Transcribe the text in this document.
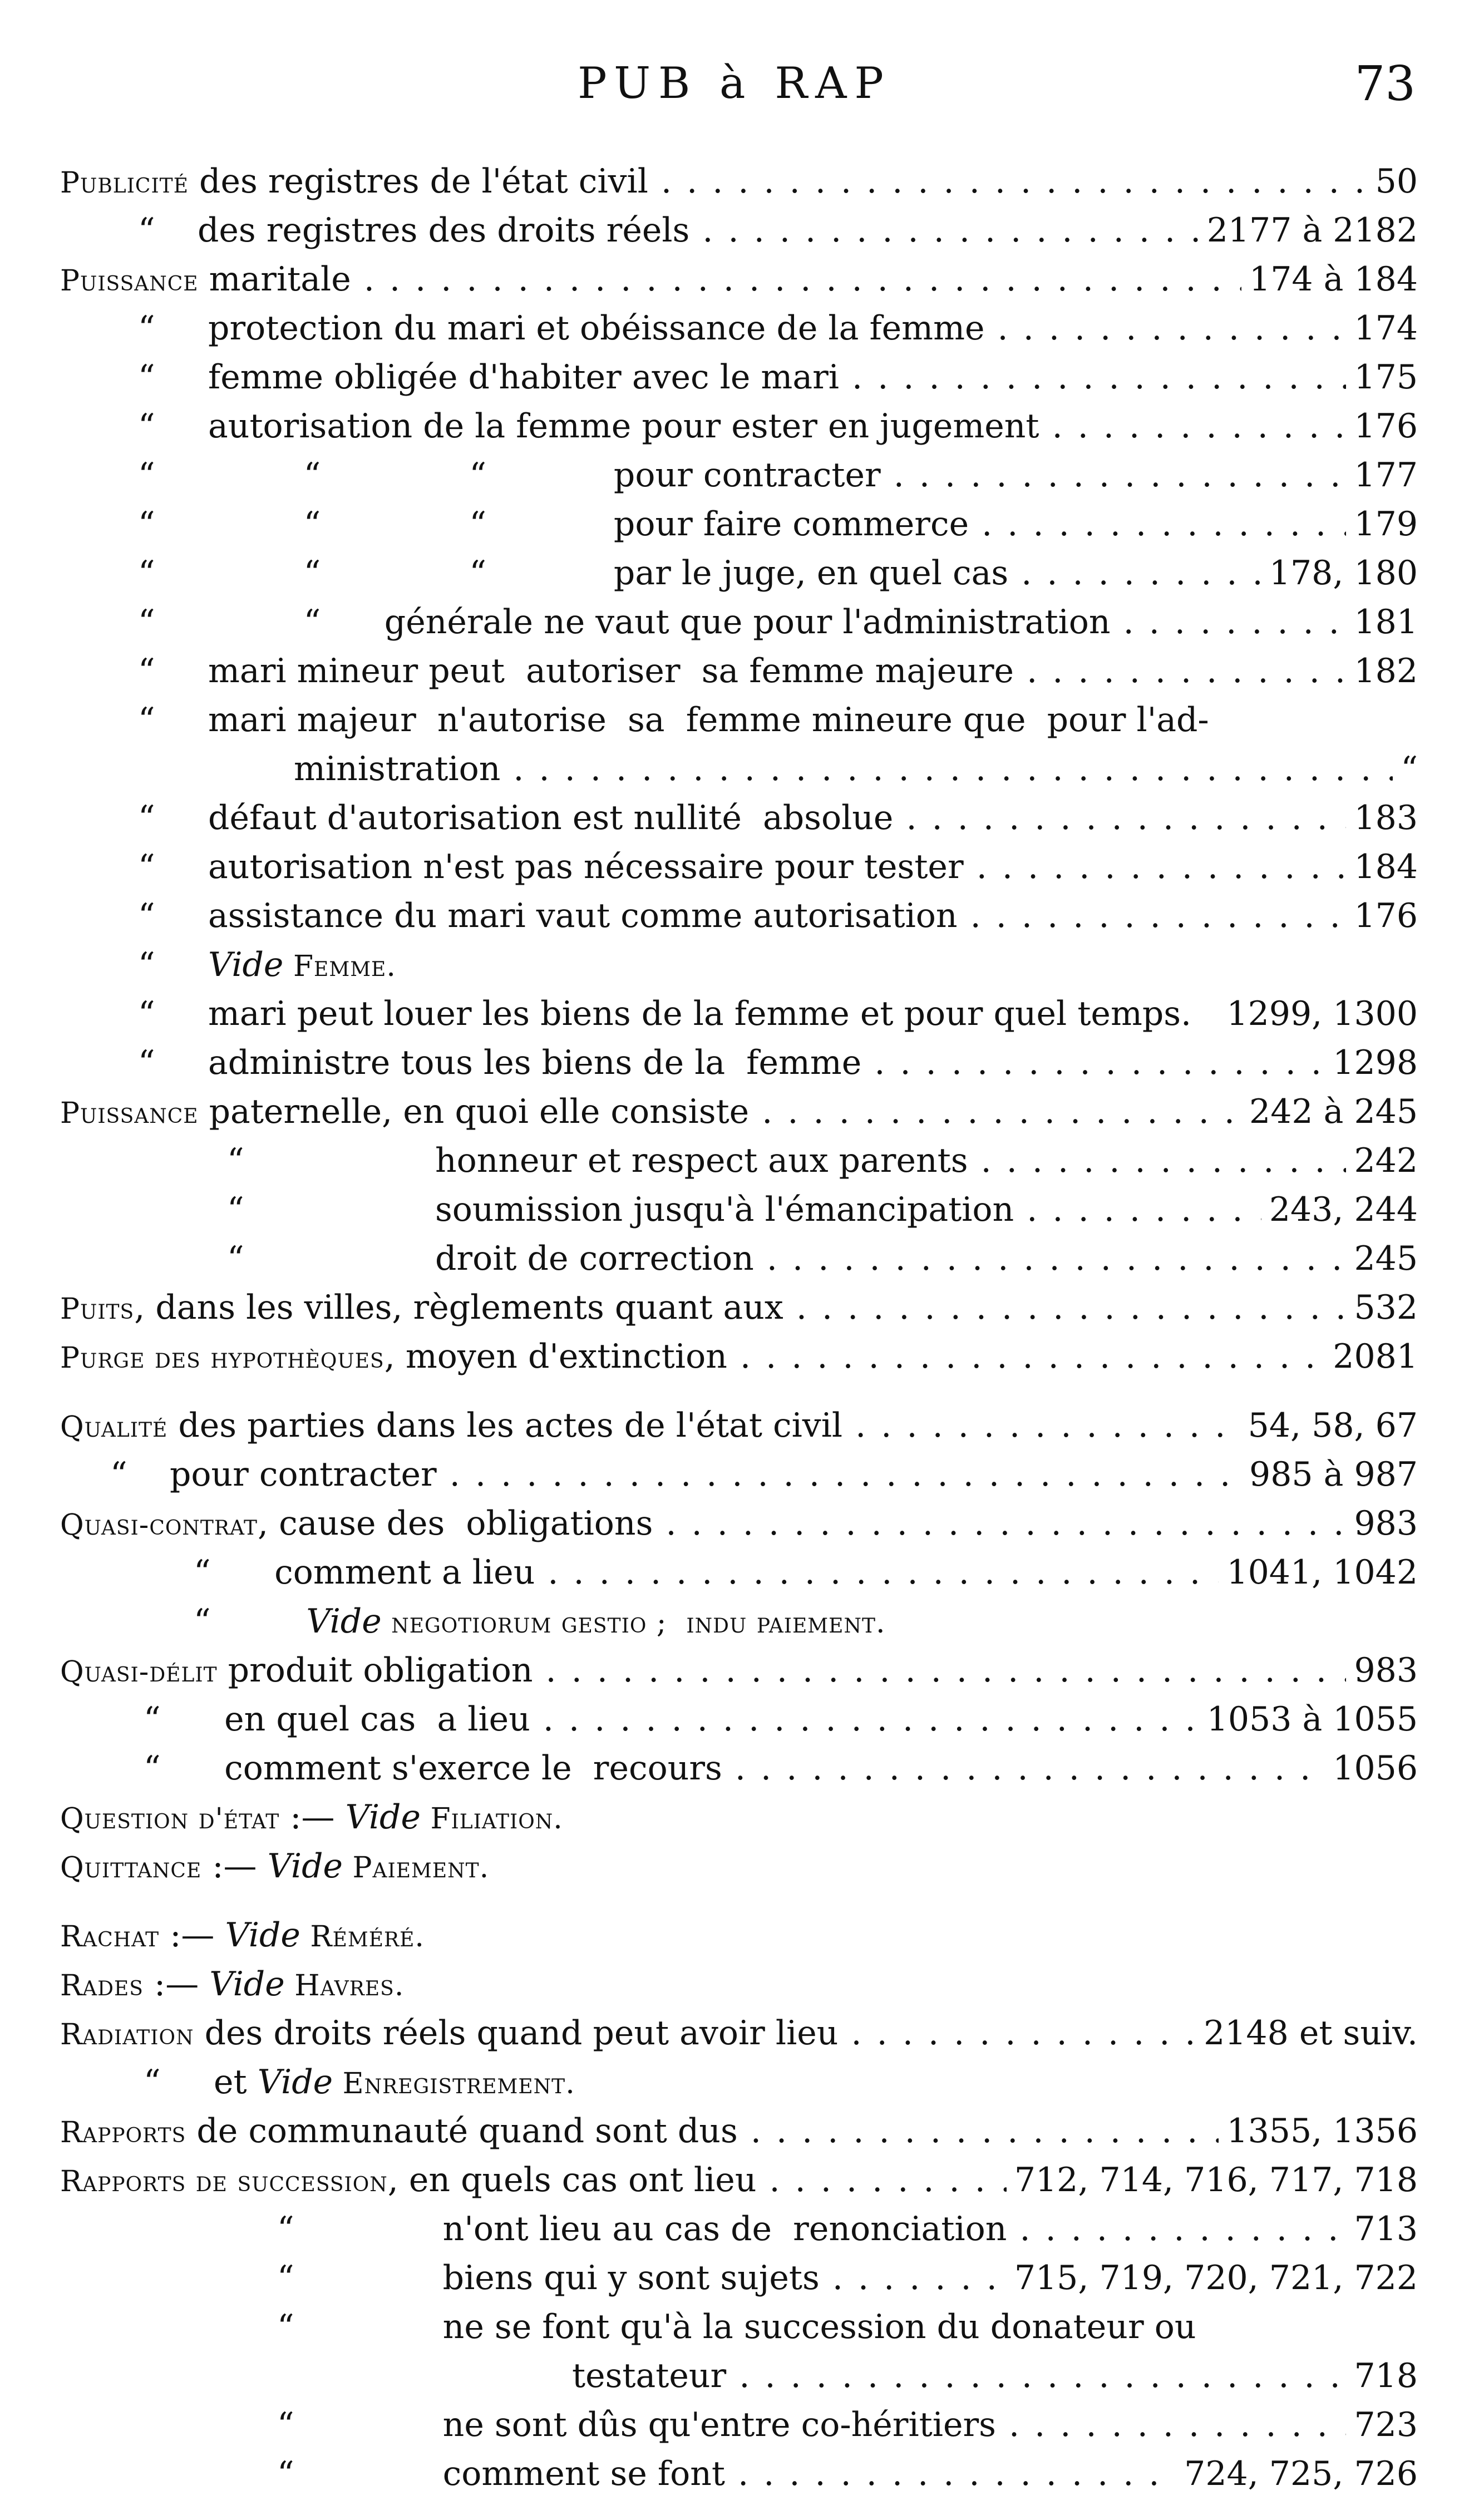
PUB à RAP	73
Publicité des registres de l'état civil . . .	50
“    des registres des droits réels . . .	2177 à 2182
Puissance maritale . . .	174 à 184
“     protection du mari et obéissance de la femme . . .	174
“     femme obligée d'habiter avec le mari . . .	175
“     autorisation de la femme pour ester en jugement . . .	176
“              “              “            pour contracter . . .	177
“              “              “            pour faire commerce . . .	179
“              “              “            par le juge, en quel cas . . .	178, 180
“              “      générale ne vaut que pour l'administration . . .	181
“     mari mineur peut  autoriser  sa femme majeure . . .	182
“     mari majeur  n'autorise  sa  femme mineure que  pour l'ad-
ministration . . .	“
“     défaut d'autorisation est nullité  absolue . . .	183
“     autorisation n'est pas nécessaire pour tester . . .	184
“     assistance du mari vaut comme autorisation . . .	176
“     Vide Femme.
“     mari peut louer les biens de la femme et pour quel temps. 1299, 1300
“     administre tous les biens de la  femme . . .	1298
Puissance paternelle, en quoi elle consiste . . .	242 à 245
“                  honneur et respect aux parents . . .	242
“                  soumission jusqu'à l'émancipation . . .	243, 244
“                  droit de correction . . .	245
Puits, dans les villes, règlements quant aux . . .	532
Purge des hypothèques, moyen d'extinction . . .	2081
Qualité des parties dans les actes de l'état civil . . .	54, 58, 67
“    pour contracter . . .	985 à 987
Quasi-contrat, cause des  obligations . . .	983
“      comment a lieu . . .	1041, 1042
“         Vide negotiorum gestio ;  indu paiement.
Quasi-délit produit obligation . . .	983
“      en quel cas  a lieu . . .	1053 à 1055
“      comment s'exerce le  recours . . .	1056
Question d'état :— Vide Filiation.
Quittance :— Vide Paiement.
Rachat :— Vide Réméré.
Rades :— Vide Havres.
Radiation des droits réels quand peut avoir lieu . . .	2148 et suiv.
“     et Vide Enregistrement.
Rapports de communauté quand sont dus . . .	1355, 1356
Rapports de succession, en quels cas ont lieu . . .	712, 714, 716, 717, 718
“              n'ont lieu au cas de  renonciation . . .	713
“              biens qui y sont sujets . . .	715, 719, 720, 721, 722
“              ne se font qu'à la succession du donateur ou
testateur . . .	718
“              ne sont dûs qu'entre co-héritiers . . .	723
“              comment se font . . .	724, 725, 726
